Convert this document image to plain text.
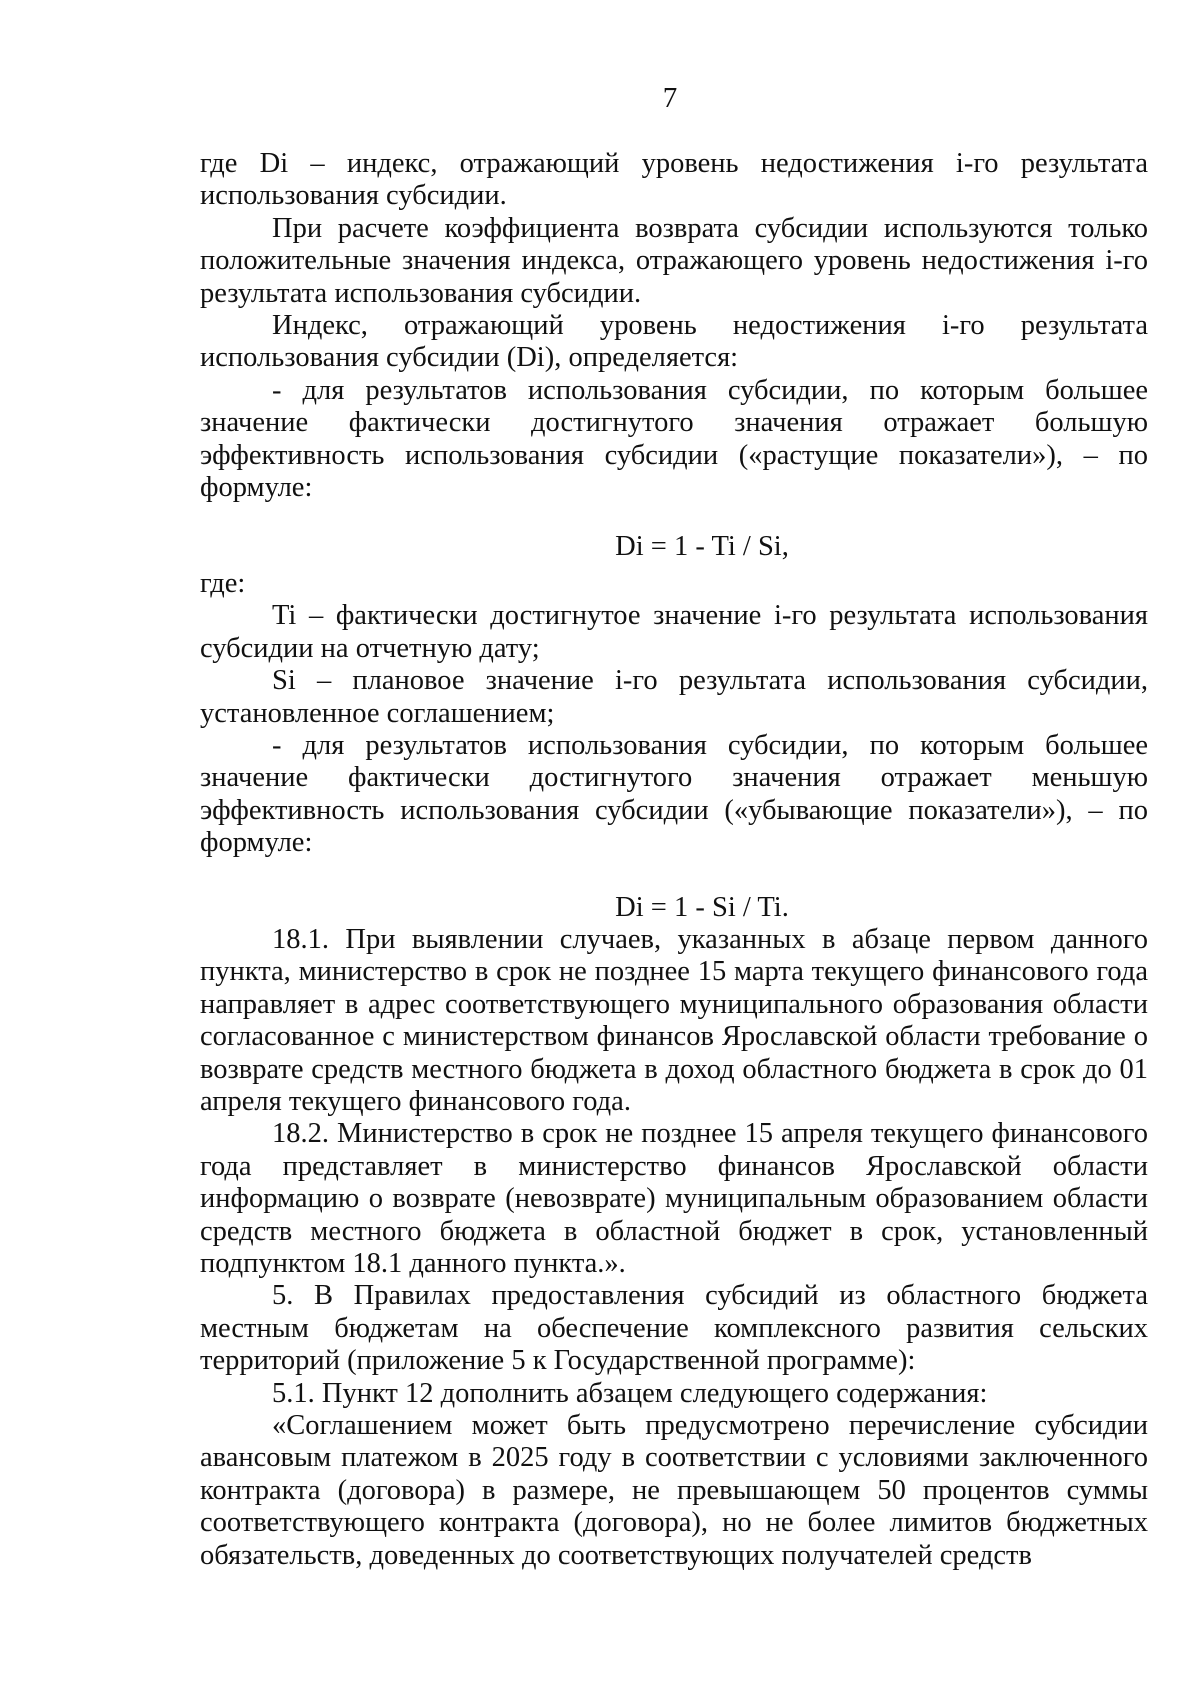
7

где Di – индекс, отражающий уровень недостижения i-го результата использования субсидии.

При расчете коэффициента возврата субсидии используются только положительные значения индекса, отражающего уровень недостижения i-го результата использования субсидии.

Индекс, отражающий уровень недостижения i-го результата использования субсидии (Di), определяется:

- для результатов использования субсидии, по которым большее значение фактически достигнутого значения отражает большую эффективность использования субсидии («растущие показатели»), – по формуле:

Di = 1 - Ti / Si,

где:

Ti – фактически достигнутое значение i-го результата использования субсидии на отчетную дату;

Si – плановое значение i-го результата использования субсидии, установленное соглашением;

- для результатов использования субсидии, по которым большее значение фактически достигнутого значения отражает меньшую эффективность использования субсидии («убывающие показатели»), – по формуле:

Di = 1 - Si / Ti.

18.1. При выявлении случаев, указанных в абзаце первом данного пункта, министерство в срок не позднее 15 марта текущего финансового года направляет в адрес соответствующего муниципального образования области согласованное с министерством финансов Ярославской области требование о возврате средств местного бюджета в доход областного бюджета в срок до 01 апреля текущего финансового года.

18.2. Министерство в срок не позднее 15 апреля текущего финансового года представляет в министерство финансов Ярославской области информацию о возврате (невозврате) муниципальным образованием области средств местного бюджета в областной бюджет в срок, установленный подпунктом 18.1 данного пункта.».

5. В Правилах предоставления субсидий из областного бюджета местным бюджетам на обеспечение комплексного развития сельских территорий (приложение 5 к Государственной программе):

5.1. Пункт 12 дополнить абзацем следующего содержания:

«Соглашением может быть предусмотрено перечисление субсидии авансовым платежом в 2025 году в соответствии с условиями заключенного контракта (договора) в размере, не превышающем 50 процентов суммы соответствующего контракта (договора), но не более лимитов бюджетных обязательств, доведенных до соответствующих получателей средств
